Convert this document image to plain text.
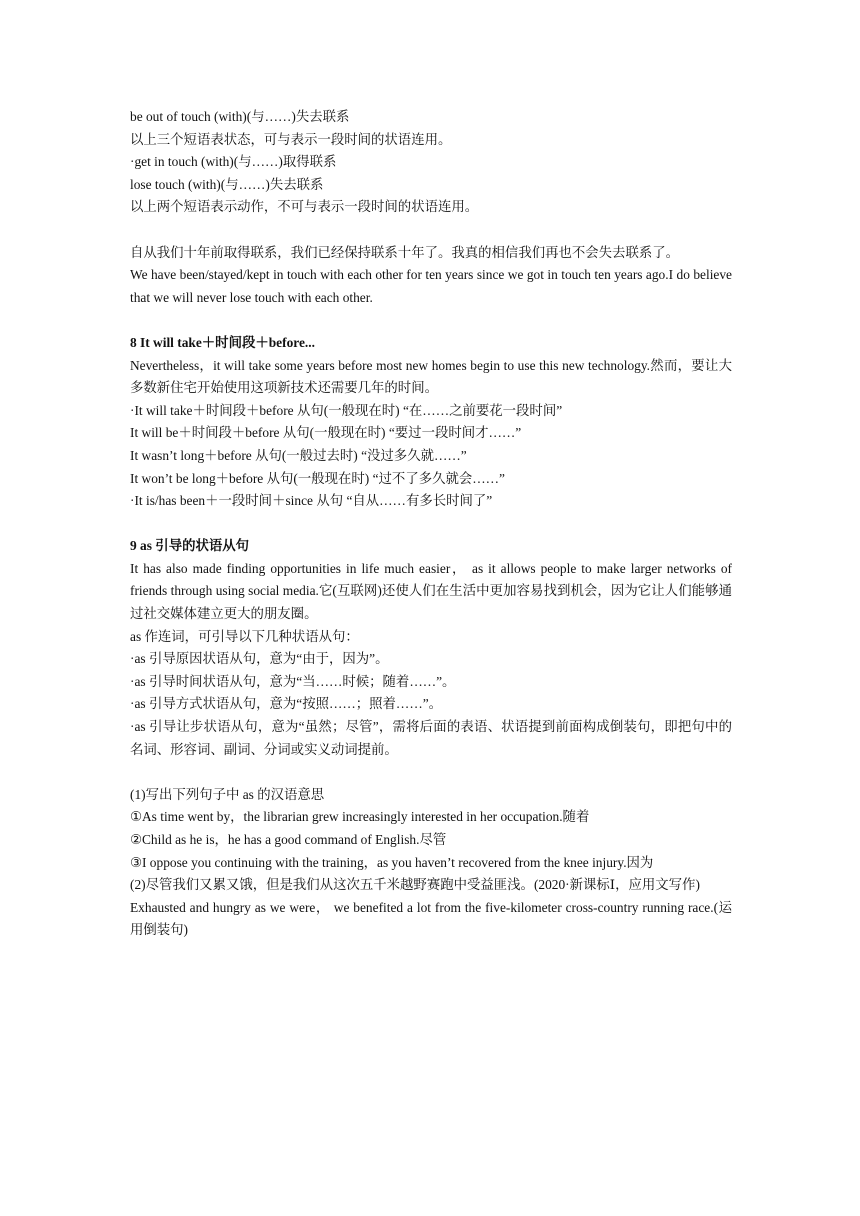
be out of touch (with)(与……)失去联系
以上三个短语表状态，可与表示一段时间的状语连用。
·get in touch (with)(与……)取得联系
lose touch (with)(与……)失去联系
以上两个短语表示动作，不可与表示一段时间的状语连用。
自从我们十年前取得联系，我们已经保持联系十年了。我真的相信我们再也不会失去联系了。
We have been/stayed/kept in touch with each other for ten years since we got in touch ten years ago.I do believe that we will never lose touch with each other.
8 It will take＋时间段＋before...
Nevertheless，it will take some years before most new homes begin to use this new technology.然而，要让大多数新住宅开始使用这项新技术还需要几年的时间。
·It will take＋时间段＋before 从句(一般现在时) “在……之前要花一段时间”
It will be＋时间段＋before 从句(一般现在时) “要过一段时间才……”
It wasn’t long＋before 从句(一般过去时) “没过多久就……”
It won’t be long＋before 从句(一般现在时) “过不了多久就会……”
·It is/has been＋一段时间＋since 从句 “自从……有多长时间了”
9 as 引导的状语从句
It has also made finding opportunities in life much easier， as it allows people to make larger networks of friends through using social media.它(互联网)还使人们在生活中更加容易找到机会，因为它让人们能够通过社交媒体建立更大的朋友圈。
as 作连词，可引导以下几种状语从句：
·as 引导原因状语从句，意为“由于，因为”。
·as 引导时间状语从句，意为“当……时候；随着……”。
·as 引导方式状语从句，意为“按照……；照着……”。
·as 引导让步状语从句，意为“虽然；尽管”，需将后面的表语、状语提到前面构成倒装句，即把句中的名词、形容词、副词、分词或实义动词提前。
(1)写出下列句子中 as 的汉语意思
①As time went by，the librarian grew increasingly interested in her occupation.随着
②Child as he is，he has a good command of English.尽管
③I oppose you continuing with the training，as you haven’t recovered from the knee injury.因为
(2)尽管我们又累又饿，但是我们从这次五千米越野赛跑中受益匪浅。(2020·新课标Ⅰ，应用文写作)
Exhausted and hungry as we were， we benefited a lot from the five-kilometer cross-country running race.(运用倒装句)
